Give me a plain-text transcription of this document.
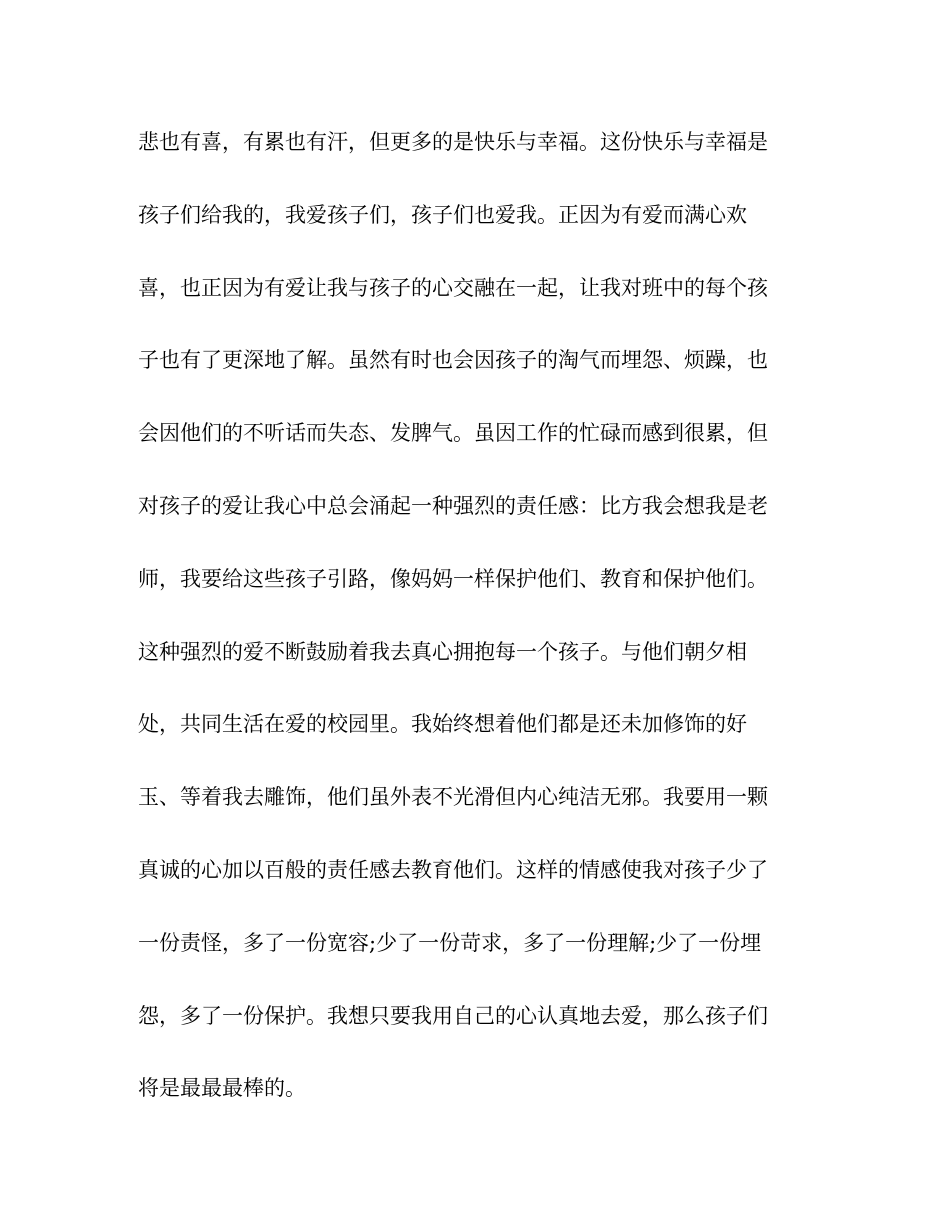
悲也有喜，有累也有汗，但更多的是快乐与幸福。这份快乐与幸福是
孩子们给我的，我爱孩子们，孩子们也爱我。正因为有爱而满心欢
喜，也正因为有爱让我与孩子的心交融在一起，让我对班中的每个孩
子也有了更深地了解。虽然有时也会因孩子的淘气而埋怨、烦躁，也
会因他们的不听话而失态、发脾气。虽因工作的忙碌而感到很累，但
对孩子的爱让我心中总会涌起一种强烈的责任感：比方我会想我是老
师，我要给这些孩子引路，像妈妈一样保护他们、教育和保护他们。
这种强烈的爱不断鼓励着我去真心拥抱每一个孩子。与他们朝夕相
处，共同生活在爱的校园里。我始终想着他们都是还未加修饰的好
玉、等着我去雕饰，他们虽外表不光滑但内心纯洁无邪。我要用一颗
真诚的心加以百般的责任感去教育他们。这样的情感使我对孩子少了
一份责怪，多了一份宽容;少了一份苛求，多了一份理解;少了一份埋
怨，多了一份保护。我想只要我用自己的心认真地去爱，那么孩子们
将是最最最棒的。
